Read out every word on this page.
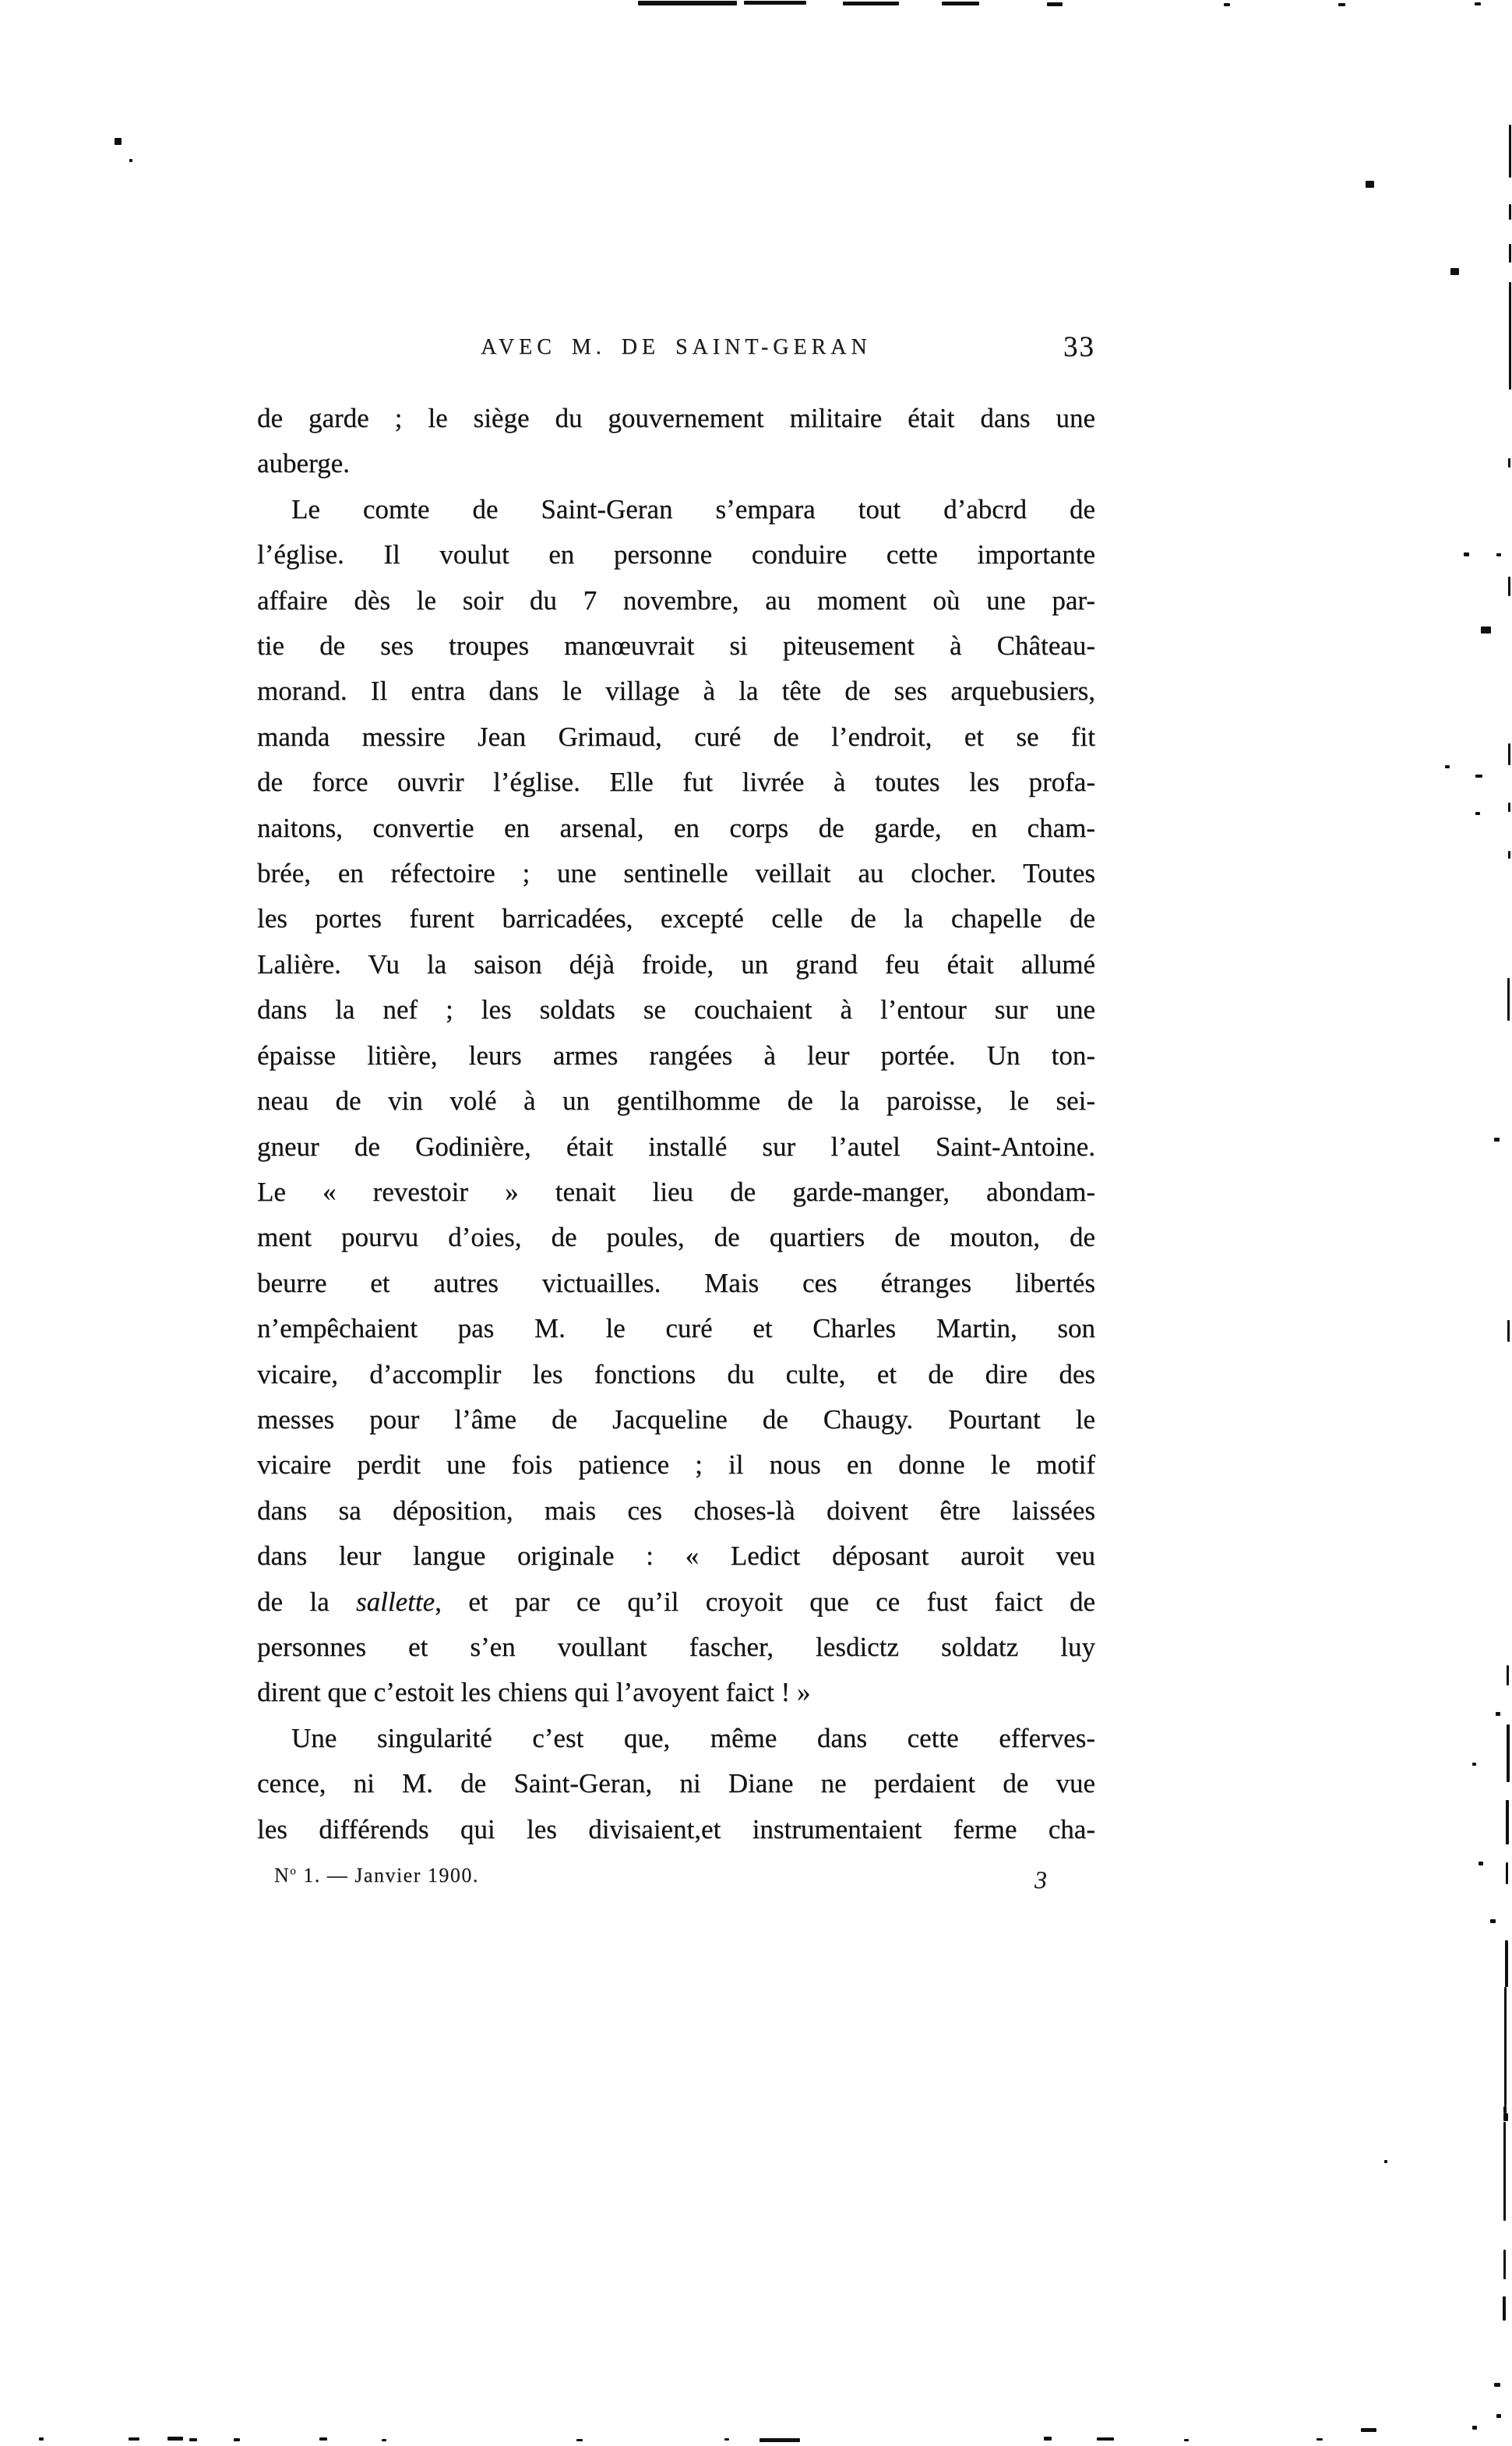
AVEC M. DE SAINT-GERAN	33
de garde ; le siège du gouvernement militaire était dans une
auberge.
Le comte de Saint-Geran s’empara tout d’abcrd de
l’église. Il voulut en personne conduire cette importante
affaire dès le soir du 7 novembre, au moment où une par-
tie de ses troupes manœuvrait si piteusement à Château-
morand. Il entra dans le village à la tête de ses arquebusiers,
manda messire Jean Grimaud, curé de l’endroit, et se fit
de force ouvrir l’église. Elle fut livrée à toutes les profa-
naitons, convertie en arsenal, en corps de garde, en cham-
brée, en réfectoire ; une sentinelle veillait au clocher. Toutes
les portes furent barricadées, excepté celle de la chapelle de
Lalière. Vu la saison déjà froide, un grand feu était allumé
dans la nef ; les soldats se couchaient à l’entour sur une
épaisse litière, leurs armes rangées à leur portée. Un ton-
neau de vin volé à un gentilhomme de la paroisse, le sei-
gneur de Godinière, était installé sur l’autel Saint-Antoine.
Le « revestoir » tenait lieu de garde-manger, abondam-
ment pourvu d’oies, de poules, de quartiers de mouton, de
beurre et autres victuailles. Mais ces étranges libertés
n’empêchaient pas M. le curé et Charles Martin, son
vicaire, d’accomplir les fonctions du culte, et de dire des
messes pour l’âme de Jacqueline de Chaugy. Pourtant le
vicaire perdit une fois patience ; il nous en donne le motif
dans sa déposition, mais ces choses-là doivent être laissées
dans leur langue originale : « Ledict déposant auroit veu
de la sallette, et par ce qu’il croyoit que ce fust faict de
personnes et s’en voullant fascher, lesdictz soldatz luy
dirent que c’estoit les chiens qui l’avoyent faict ! »
Une singularité c’est que, même dans cette efferves-
cence, ni M. de Saint-Geran, ni Diane ne perdaient de vue
les différends qui les divisaient,et instrumentaient ferme cha-
$N^o$ 1. — Janvier 1900.	3
